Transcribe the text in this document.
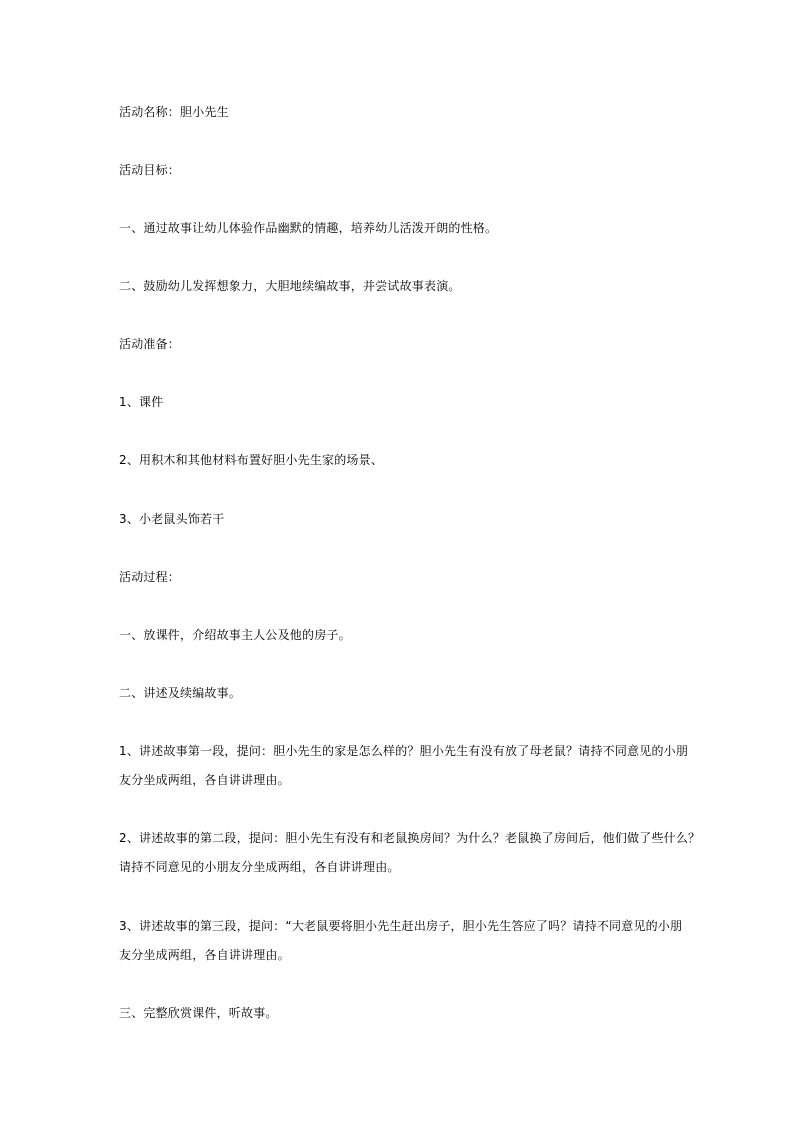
活动名称：胆小先生
活动目标：
一、通过故事让幼儿体验作品幽默的情趣，培养幼儿活泼开朗的性格。
二、鼓励幼儿发挥想象力，大胆地续编故事，并尝试故事表演。
活动准备：
1、课件
2、用积木和其他材料布置好胆小先生家的场景、
3、小老鼠头饰若干
活动过程：
一、放课件，介绍故事主人公及他的房子。
二、讲述及续编故事。
1、讲述故事第一段，提问：胆小先生的家是怎么样的？胆小先生有没有放了母老鼠？请持不同意见的小朋
友分坐成两组，各自讲讲理由。
2、讲述故事的第二段，提问：胆小先生有没有和老鼠换房间？为什么？老鼠换了房间后，他们做了些什么？
请持不同意见的小朋友分坐成两组，各自讲讲理由。
3、讲述故事的第三段，提问：“大老鼠要将胆小先生赶出房子，胆小先生答应了吗？请持不同意见的小朋
友分坐成两组，各自讲讲理由。
三、完整欣赏课件，听故事。
